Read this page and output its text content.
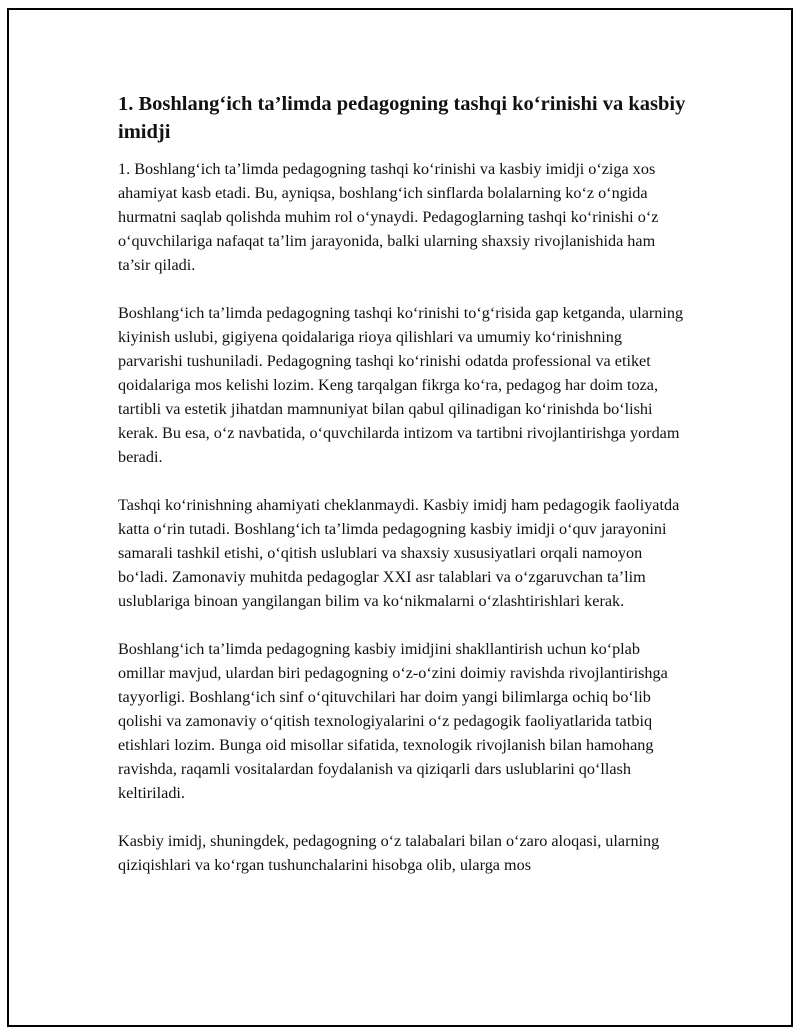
1. Boshlang‘ich ta’limda pedagogning tashqi ko‘rinishi va kasbiy imidji

1. Boshlang‘ich ta’limda pedagogning tashqi ko‘rinishi va kasbiy imidji o‘ziga xos ahamiyat kasb etadi. Bu, ayniqsa, boshlang‘ich sinflarda bolalarning ko‘z o‘ngida hurmatni saqlab qolishda muhim rol o‘ynaydi. Pedagoglarning tashqi ko‘rinishi o‘z o‘quvchilariga nafaqat ta’lim jarayonida, balki ularning shaxsiy rivojlanishida ham ta’sir qiladi.

Boshlang‘ich ta’limda pedagogning tashqi ko‘rinishi to‘g‘risida gap ketganda, ularning kiyinish uslubi, gigiyena qoidalariga rioya qilishlari va umumiy ko‘rinishning parvarishi tushuniladi. Pedagogning tashqi ko‘rinishi odatda professional va etiket qoidalariga mos kelishi lozim. Keng tarqalgan fikrga ko‘ra, pedagog har doim toza, tartibli va estetik jihatdan mamnuniyat bilan qabul qilinadigan ko‘rinishda bo‘lishi kerak. Bu esa, o‘z navbatida, o‘quvchilarda intizom va tartibni rivojlantirishga yordam beradi.

Tashqi ko‘rinishning ahamiyati cheklanmaydi. Kasbiy imidj ham pedagogik faoliyatda katta o‘rin tutadi. Boshlang‘ich ta’limda pedagogning kasbiy imidji o‘quv jarayonini samarali tashkil etishi, o‘qitish uslublari va shaxsiy xususiyatlari orqali namoyon bo‘ladi. Zamonaviy muhitda pedagoglar XXI asr talablari va o‘zgaruvchan ta’lim uslublariga binoan yangilangan bilim va ko‘nikmalarni o‘zlashtirishlari kerak.

Boshlang‘ich ta’limda pedagogning kasbiy imidjini shakllantirish uchun ko‘plab omillar mavjud, ulardan biri pedagogning o‘z-o‘zini doimiy ravishda rivojlantirishga tayyorligi. Boshlang‘ich sinf o‘qituvchilari har doim yangi bilimlarga ochiq bo‘lib qolishi va zamonaviy o‘qitish texnologiyalarini o‘z pedagogik faoliyatlarida tatbiq etishlari lozim. Bunga oid misollar sifatida, texnologik rivojlanish bilan hamohang ravishda, raqamli vositalardan foydalanish va qiziqarli dars uslublarini qo‘llash keltiriladi.

Kasbiy imidj, shuningdek, pedagogning o‘z talabalari bilan o‘zaro aloqasi, ularning qiziqishlari va ko‘rgan tushunchalarini hisobga olib, ularga mos
